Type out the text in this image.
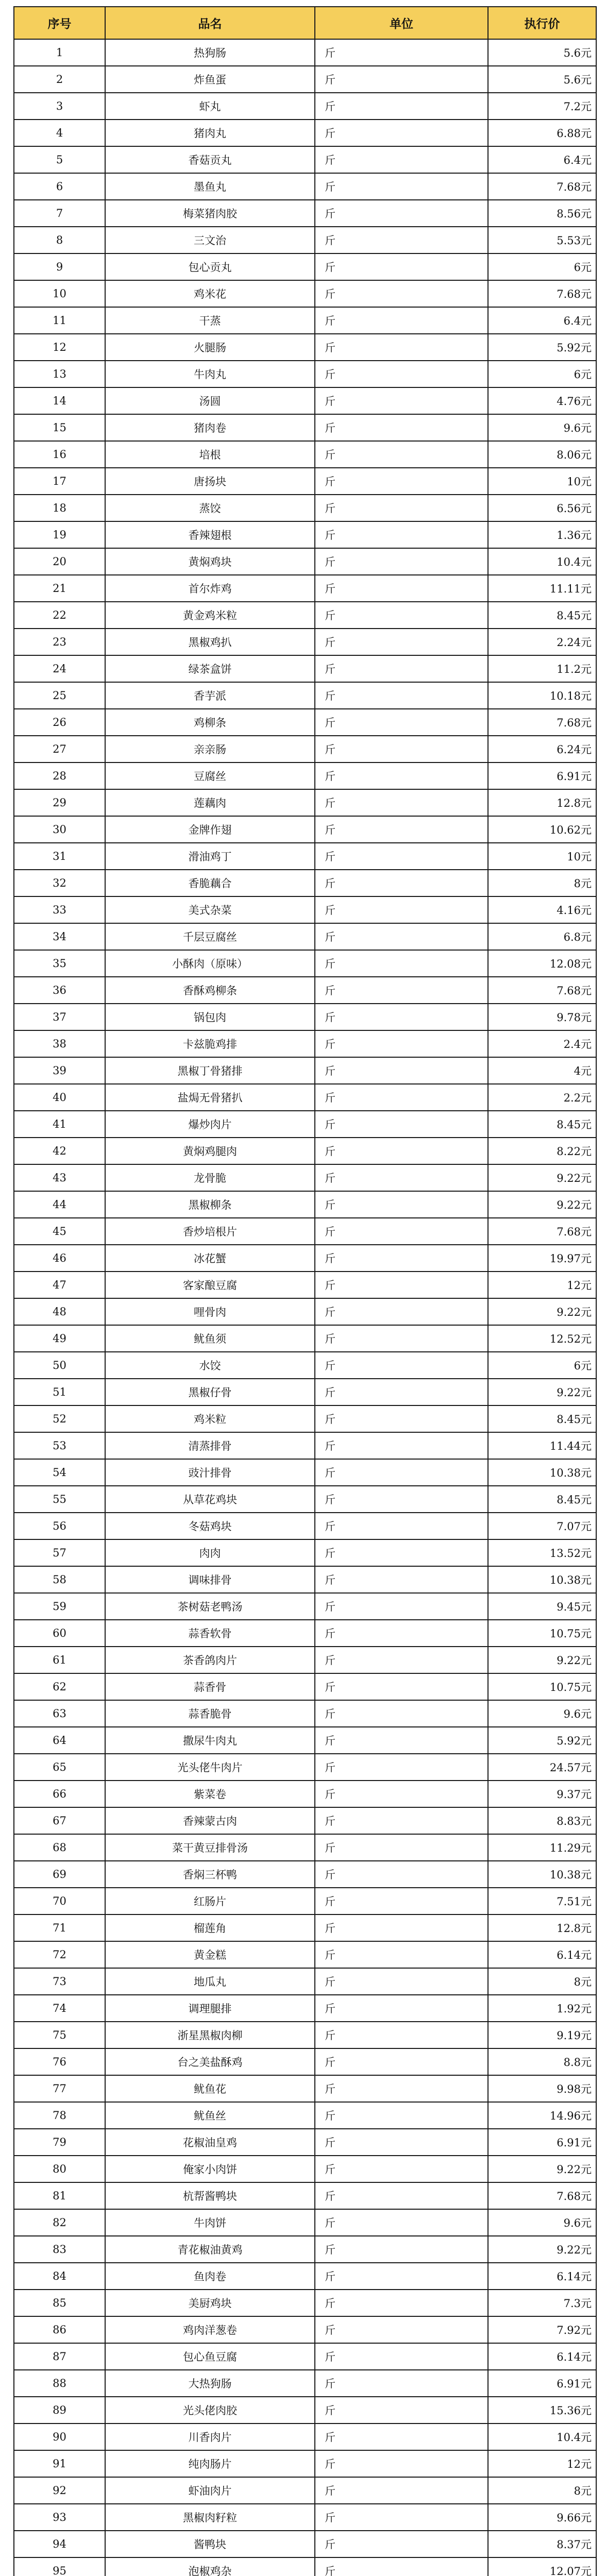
序号	品名	单位	执行价
1	热狗肠	斤	5.6元
2	炸鱼蛋	斤	5.6元
3	虾丸	斤	7.2元
4	猪肉丸	斤	6.88元
5	香菇贡丸	斤	6.4元
6	墨鱼丸	斤	7.68元
7	梅菜猪肉胶	斤	8.56元
8	三文治	斤	5.53元
9	包心贡丸	斤	6元
10	鸡米花	斤	7.68元
11	干蒸	斤	6.4元
12	火腿肠	斤	5.92元
13	牛肉丸	斤	6元
14	汤圆	斤	4.76元
15	猪肉卷	斤	9.6元
16	培根	斤	8.06元
17	唐扬块	斤	10元
18	蒸饺	斤	6.56元
19	香辣翅根	斤	1.36元
20	黄焖鸡块	斤	10.4元
21	首尔炸鸡	斤	11.11元
22	黄金鸡米粒	斤	8.45元
23	黑椒鸡扒	斤	2.24元
24	绿茶盒饼	斤	11.2元
25	香芋派	斤	10.18元
26	鸡柳条	斤	7.68元
27	亲亲肠	斤	6.24元
28	豆腐丝	斤	6.91元
29	莲藕肉	斤	12.8元
30	金牌作翅	斤	10.62元
31	滑油鸡丁	斤	10元
32	香脆藕合	斤	8元
33	美式杂菜	斤	4.16元
34	千层豆腐丝	斤	6.8元
35	小酥肉（原味）	斤	12.08元
36	香酥鸡柳条	斤	7.68元
37	锅包肉	斤	9.78元
38	卡兹脆鸡排	斤	2.4元
39	黑椒丁骨猪排	斤	4元
40	盐焗无骨猪扒	斤	2.2元
41	爆炒肉片	斤	8.45元
42	黄焖鸡腿肉	斤	8.22元
43	龙骨脆	斤	9.22元
44	黑椒柳条	斤	9.22元
45	香炒培根片	斤	7.68元
46	冰花蟹	斤	19.97元
47	客家酿豆腐	斤	12元
48	哩骨肉	斤	9.22元
49	鱿鱼须	斤	12.52元
50	水饺	斤	6元
51	黑椒仔骨	斤	9.22元
52	鸡米粒	斤	8.45元
53	清蒸排骨	斤	11.44元
54	豉汁排骨	斤	10.38元
55	从草花鸡块	斤	8.45元
56	冬菇鸡块	斤	7.07元
57	肉肉	斤	13.52元
58	调味排骨	斤	10.38元
59	茶树菇老鸭汤	斤	9.45元
60	蒜香软骨	斤	10.75元
61	茶香鸽肉片	斤	9.22元
62	蒜香骨	斤	10.75元
63	蒜香脆骨	斤	9.6元
64	撒尿牛肉丸	斤	5.92元
65	光头佬牛肉片	斤	24.57元
66	紫菜卷	斤	9.37元
67	香辣蒙古肉	斤	8.83元
68	菜干黄豆排骨汤	斤	11.29元
69	香焖三杯鸭	斤	10.38元
70	红肠片	斤	7.51元
71	榴莲角	斤	12.8元
72	黄金糕	斤	6.14元
73	地瓜丸	斤	8元
74	调理腿排	斤	1.92元
75	浙星黑椒肉柳	斤	9.19元
76	台之美盐酥鸡	斤	8.8元
77	鱿鱼花	斤	9.98元
78	鱿鱼丝	斤	14.96元
79	花椒油皇鸡	斤	6.91元
80	俺家小肉饼	斤	9.22元
81	杭帮酱鸭块	斤	7.68元
82	牛肉饼	斤	9.6元
83	青花椒油黄鸡	斤	9.22元
84	鱼肉卷	斤	6.14元
85	美厨鸡块	斤	7.3元
86	鸡肉洋葱卷	斤	7.92元
87	包心鱼豆腐	斤	6.14元
88	大热狗肠	斤	6.91元
89	光头佬肉胶	斤	15.36元
90	川香肉片	斤	10.4元
91	纯肉肠片	斤	12元
92	虾油肉片	斤	8元
93	黑椒肉籽粒	斤	9.66元
94	酱鸭块	斤	8.37元
95	泡椒鸡杂	斤	12.07元
